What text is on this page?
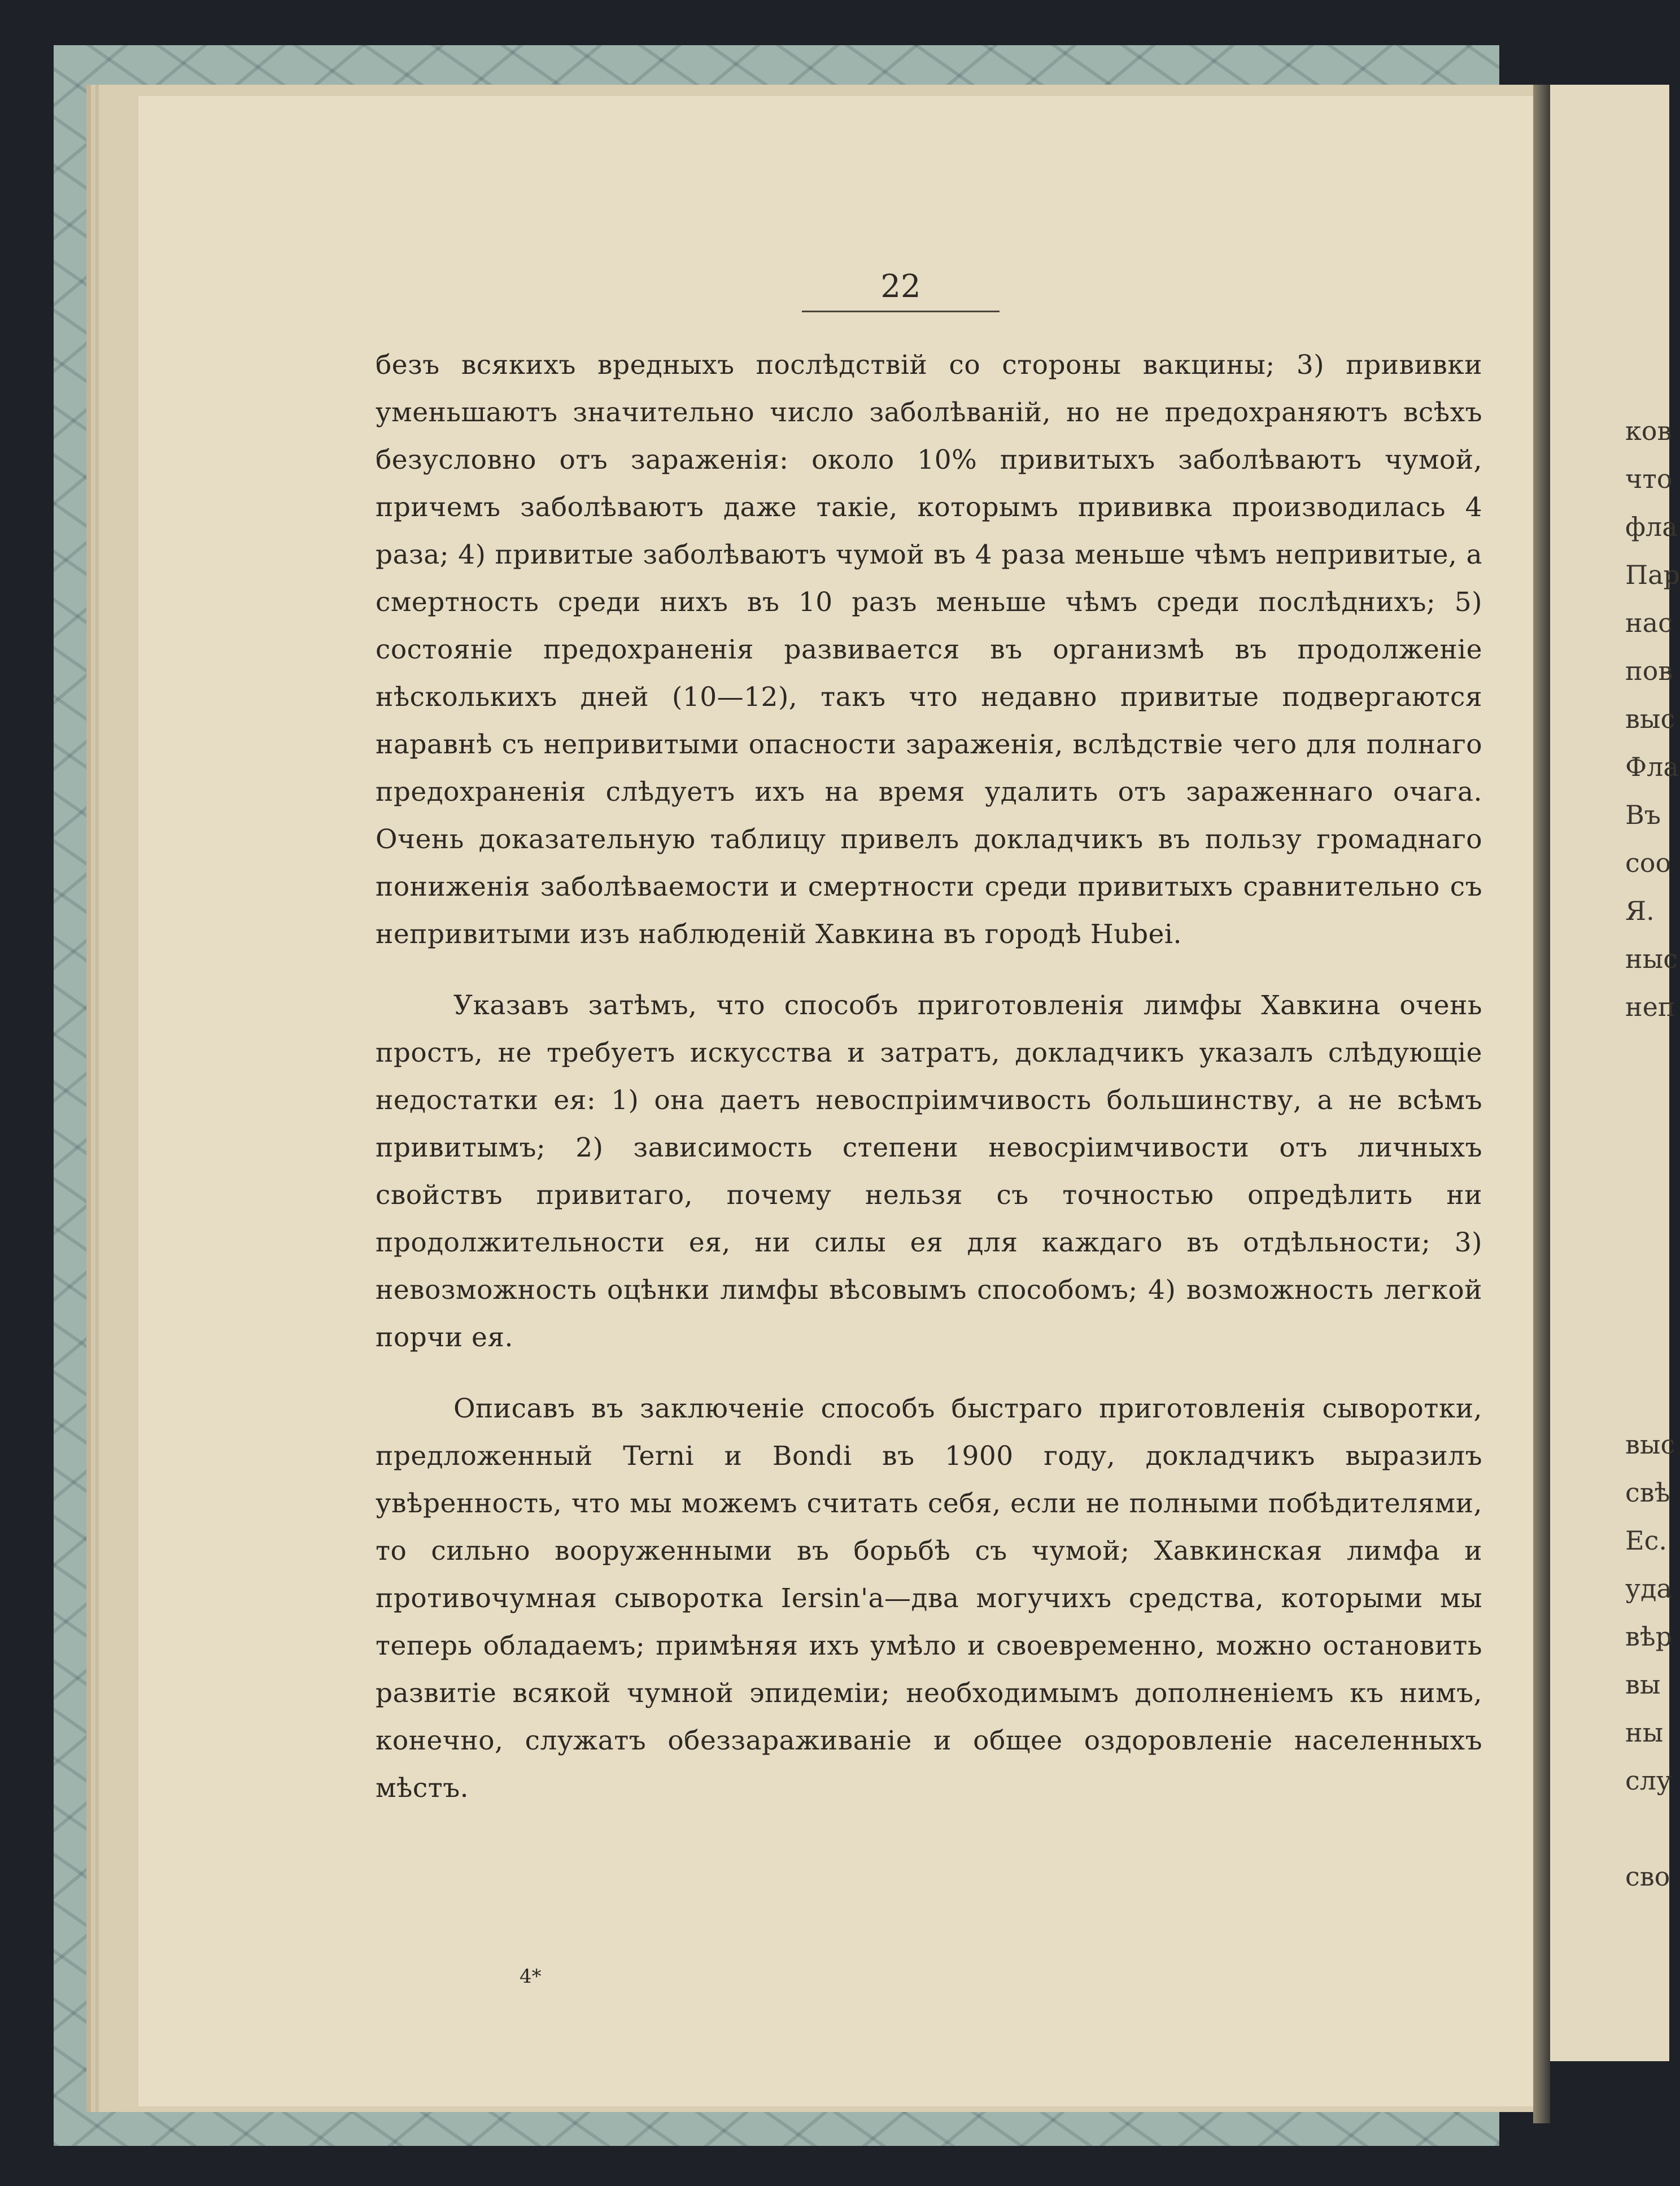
ков
что
фла
Пар
нас
пов
выс
Фла
Въ
соо
Я.
ныс
неп
выс
свѣ
Ес.
уда
вѣр
вы
ны
слу
сво
22

безъ всякихъ вредныхъ послѣдствій со стороны вакцины; 3) прививки уменьшаютъ значительно число заболѣваній, но не предохраняютъ всѣхъ безусловно отъ зараженія: около 10% привитыхъ заболѣваютъ чумой, причемъ заболѣваютъ даже такіе, которымъ прививка производилась 4 раза; 4) привитые заболѣваютъ чумой въ 4 раза меньше чѣмъ непривитые, а смертность среди нихъ въ 10 разъ меньше чѣмъ среди послѣднихъ; 5) состояніе предохраненія развивается въ организмѣ въ продолженіе нѣсколькихъ дней (10—12), такъ что недавно привитые подвергаются наравнѣ съ непривитыми опасности зараженія, вслѣдствіе чего для полнаго предохраненія слѣдуетъ ихъ на время удалить отъ зараженнаго очага. Очень доказательную таблицу привелъ докладчикъ въ пользу громаднаго пониженія заболѣваемости и смертности среди привитыхъ сравнительно съ непривитыми изъ наблюденій Хавкина въ городѣ Hubei.

Указавъ затѣмъ, что способъ приготовленія лимфы Хавкина очень простъ, не требуетъ искусства и затратъ, докладчикъ указалъ слѣдующіе недостатки ея: 1) она даетъ невоспріимчивость большинству, а не всѣмъ привитымъ; 2) зависимость степени невосріимчивости отъ личныхъ свойствъ привитаго, почему нельзя съ точностью опредѣлить ни продолжительности ея, ни силы ея для каждаго въ отдѣльности; 3) невозможность оцѣнки лимфы вѣсовымъ способомъ; 4) возможность легкой порчи ея.

Описавъ въ заключеніе способъ быстраго приготовленія сыворотки, предложенный Terni и Bondi въ 1900 году, докладчикъ выразилъ увѣренность, что мы можемъ считать себя, если не полными побѣдителями, то сильно вооруженными въ борьбѣ съ чумой; Хавкинская лимфа и противочумная сыворотка Iersin'a—два могучихъ средства, которыми мы теперь обладаемъ; примѣняя ихъ умѣло и своевременно, можно остановить развитіе всякой чумной эпидеміи; необходимымъ дополненіемъ къ нимъ, конечно, служатъ обеззараживаніе и общее оздоровленіе населенныхъ мѣстъ.

4*
